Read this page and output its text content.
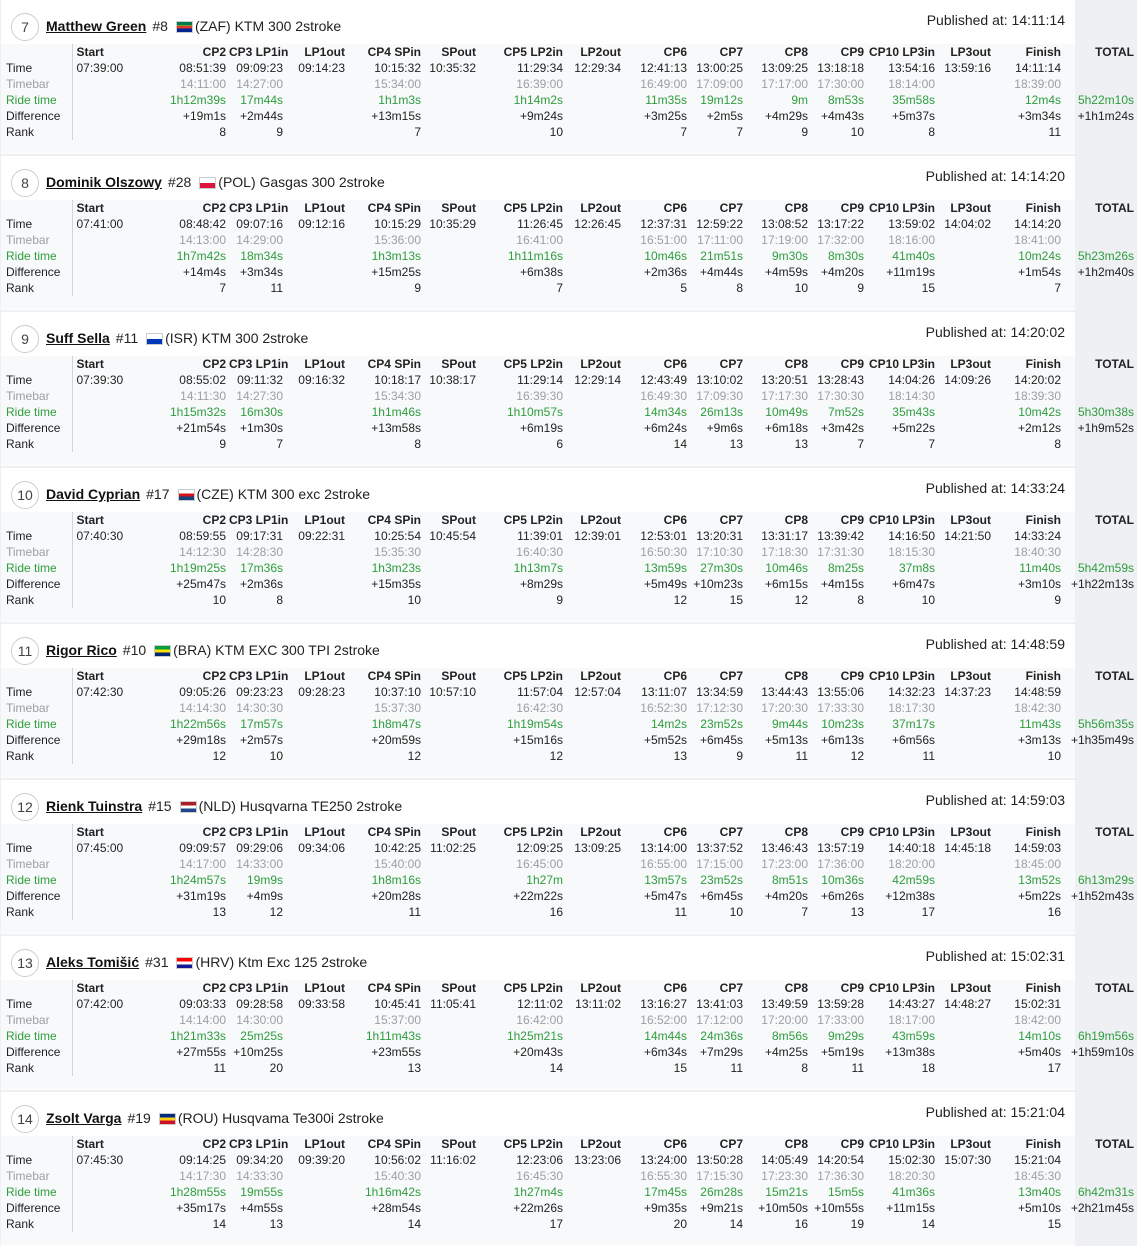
7	Matthew Green #8 (ZAF) KTM 300 2stroke	Published at: 14:11:14
	Start	CP2	CP3 LP1in	LP1out	CP4 SPin	SPout	CP5 LP2in	LP2out	CP6	CP7	CP8	CP9	CP10 LP3in	LP3out	Finish	TOTAL
Time	07:39:00	08:51:39	09:09:23	09:14:23	10:15:32	10:35:32	11:29:34	12:29:34	12:41:13	13:00:25	13:09:25	13:18:18	13:54:16	13:59:16	14:11:14	
Timebar		14:11:00	14:27:00		15:34:00		16:39:00		16:49:00	17:09:00	17:17:00	17:30:00	18:14:00		18:39:00	
Ride time		1h12m39s	17m44s		1h1m3s		1h14m2s		11m35s	19m12s	9m	8m53s	35m58s		12m4s	5h22m10s
Difference		+19m1s	+2m44s		+13m15s		+9m24s		+3m25s	+2m5s	+4m29s	+4m43s	+5m37s		+3m34s	+1h1m24s
Rank		8	9		7		10		7	7	9	10	8		11	
8	Dominik Olszowy #28 (POL) Gasgas 300 2stroke	Published at: 14:14:20
	Start	CP2	CP3 LP1in	LP1out	CP4 SPin	SPout	CP5 LP2in	LP2out	CP6	CP7	CP8	CP9	CP10 LP3in	LP3out	Finish	TOTAL
Time	07:41:00	08:48:42	09:07:16	09:12:16	10:15:29	10:35:29	11:26:45	12:26:45	12:37:31	12:59:22	13:08:52	13:17:22	13:59:02	14:04:02	14:14:20	
Timebar		14:13:00	14:29:00		15:36:00		16:41:00		16:51:00	17:11:00	17:19:00	17:32:00	18:16:00		18:41:00	
Ride time		1h7m42s	18m34s		1h3m13s		1h11m16s		10m46s	21m51s	9m30s	8m30s	41m40s		10m24s	5h23m26s
Difference		+14m4s	+3m34s		+15m25s		+6m38s		+2m36s	+4m44s	+4m59s	+4m20s	+11m19s		+1m54s	+1h2m40s
Rank		7	11		9		7		5	8	10	9	15		7	
9	Suff Sella #11 (ISR) KTM 300 2stroke	Published at: 14:20:02
	Start	CP2	CP3 LP1in	LP1out	CP4 SPin	SPout	CP5 LP2in	LP2out	CP6	CP7	CP8	CP9	CP10 LP3in	LP3out	Finish	TOTAL
Time	07:39:30	08:55:02	09:11:32	09:16:32	10:18:17	10:38:17	11:29:14	12:29:14	12:43:49	13:10:02	13:20:51	13:28:43	14:04:26	14:09:26	14:20:02	
Timebar		14:11:30	14:27:30		15:34:30		16:39:30		16:49:30	17:09:30	17:17:30	17:30:30	18:14:30		18:39:30	
Ride time		1h15m32s	16m30s		1h1m46s		1h10m57s		14m34s	26m13s	10m49s	7m52s	35m43s		10m42s	5h30m38s
Difference		+21m54s	+1m30s		+13m58s		+6m19s		+6m24s	+9m6s	+6m18s	+3m42s	+5m22s		+2m12s	+1h9m52s
Rank		9	7		8		6		14	13	13	7	7		8	
10 David Cyprian #17 (CZE) KTM 300 exc 2stroke	Published at: 14:33:24
	Start	CP2	CP3 LP1in	LP1out	CP4 SPin	SPout	CP5 LP2in	LP2out	CP6	CP7	CP8	CP9	CP10 LP3in	LP3out	Finish	TOTAL
Time	07:40:30	08:59:55	09:17:31	09:22:31	10:25:54	10:45:54	11:39:01	12:39:01	12:53:01	13:20:31	13:31:17	13:39:42	14:16:50	14:21:50	14:33:24	
Timebar		14:12:30	14:28:30		15:35:30		16:40:30		16:50:30	17:10:30	17:18:30	17:31:30	18:15:30		18:40:30	
Ride time		1h19m25s	17m36s		1h3m23s		1h13m7s		13m59s	27m30s	10m46s	8m25s	37m8s		11m40s	5h42m59s
Difference		+25m47s	+2m36s		+15m35s		+8m29s		+5m49s	+10m23s	+6m15s	+4m15s	+6m47s		+3m10s	+1h22m13s
Rank		10	8		10		9		12	15	12	8	10		9	
11 Rigor Rico #10 (BRA) KTM EXC 300 TPI 2stroke	Published at: 14:48:59
	Start	CP2	CP3 LP1in	LP1out	CP4 SPin	SPout	CP5 LP2in	LP2out	CP6	CP7	CP8	CP9	CP10 LP3in	LP3out	Finish	TOTAL
Time	07:42:30	09:05:26	09:23:23	09:28:23	10:37:10	10:57:10	11:57:04	12:57:04	13:11:07	13:34:59	13:44:43	13:55:06	14:32:23	14:37:23	14:48:59	
Timebar		14:14:30	14:30:30		15:37:30		16:42:30		16:52:30	17:12:30	17:20:30	17:33:30	18:17:30		18:42:30	
Ride time		1h22m56s	17m57s		1h8m47s		1h19m54s		14m2s	23m52s	9m44s	10m23s	37m17s		11m43s	5h56m35s
Difference		+29m18s	+2m57s		+20m59s		+15m16s		+5m52s	+6m45s	+5m13s	+6m13s	+6m56s		+3m13s	+1h35m49s
Rank		12	10		12		12		13	9	11	12	11		10	
12 Rienk Tuinstra #15 (NLD) Husqvarna TE250 2stroke	Published at: 14:59:03
	Start	CP2	CP3 LP1in	LP1out	CP4 SPin	SPout	CP5 LP2in	LP2out	CP6	CP7	CP8	CP9	CP10 LP3in	LP3out	Finish	TOTAL
Time	07:45:00	09:09:57	09:29:06	09:34:06	10:42:25	11:02:25	12:09:25	13:09:25	13:14:00	13:37:52	13:46:43	13:57:19	14:40:18	14:45:18	14:59:03	
Timebar		14:17:00	14:33:00		15:40:00		16:45:00		16:55:00	17:15:00	17:23:00	17:36:00	18:20:00		18:45:00	
Ride time		1h24m57s	19m9s		1h8m16s		1h27m		13m57s	23m52s	8m51s	10m36s	42m59s		13m52s	6h13m29s
Difference		+31m19s	+4m9s		+20m28s		+22m22s		+5m47s	+6m45s	+4m20s	+6m26s	+12m38s		+5m22s	+1h52m43s
Rank		13	12		11		16		11	10	7	13	17		16	
13 Aleks Tomišić #31 (HRV) Ktm Exc 125 2stroke	Published at: 15:02:31
	Start	CP2	CP3 LP1in	LP1out	CP4 SPin	SPout	CP5 LP2in	LP2out	CP6	CP7	CP8	CP9	CP10 LP3in	LP3out	Finish	TOTAL
Time	07:42:00	09:03:33	09:28:58	09:33:58	10:45:41	11:05:41	12:11:02	13:11:02	13:16:27	13:41:03	13:49:59	13:59:28	14:43:27	14:48:27	15:02:31	
Timebar		14:14:00	14:30:00		15:37:00		16:42:00		16:52:00	17:12:00	17:20:00	17:33:00	18:17:00		18:42:00	
Ride time		1h21m33s	25m25s		1h11m43s		1h25m21s		14m44s	24m36s	8m56s	9m29s	43m59s		14m10s	6h19m56s
Difference		+27m55s	+10m25s		+23m55s		+20m43s		+6m34s	+7m29s	+4m25s	+5m19s	+13m38s		+5m40s	+1h59m10s
Rank		11	20		13		14		15	11	8	11	18		17	
14 Zsolt Varga #19 (ROU) Husqvama Te300i 2stroke	Published at: 15:21:04
	Start	CP2	CP3 LP1in	LP1out	CP4 SPin	SPout	CP5 LP2in	LP2out	CP6	CP7	CP8	CP9	CP10 LP3in	LP3out	Finish	TOTAL
Time	07:45:30	09:14:25	09:34:20	09:39:20	10:56:02	11:16:02	12:23:06	13:23:06	13:24:00	13:50:28	14:05:49	14:20:54	15:02:30	15:07:30	15:21:04	
Timebar		14:17:30	14:33:30		15:40:30		16:45:30		16:55:30	17:15:30	17:23:30	17:36:30	18:20:30		18:45:30	
Ride time		1h28m55s	19m55s		1h16m42s		1h27m4s		17m45s	26m28s	15m21s	15m5s	41m36s		13m40s	6h42m31s
Difference		+35m17s	+4m55s		+28m54s		+22m26s		+9m35s	+9m21s	+10m50s	+10m55s	+11m15s		+5m10s	+2h21m45s
Rank		14	13		14		17		20	14	16	19	14		15	
